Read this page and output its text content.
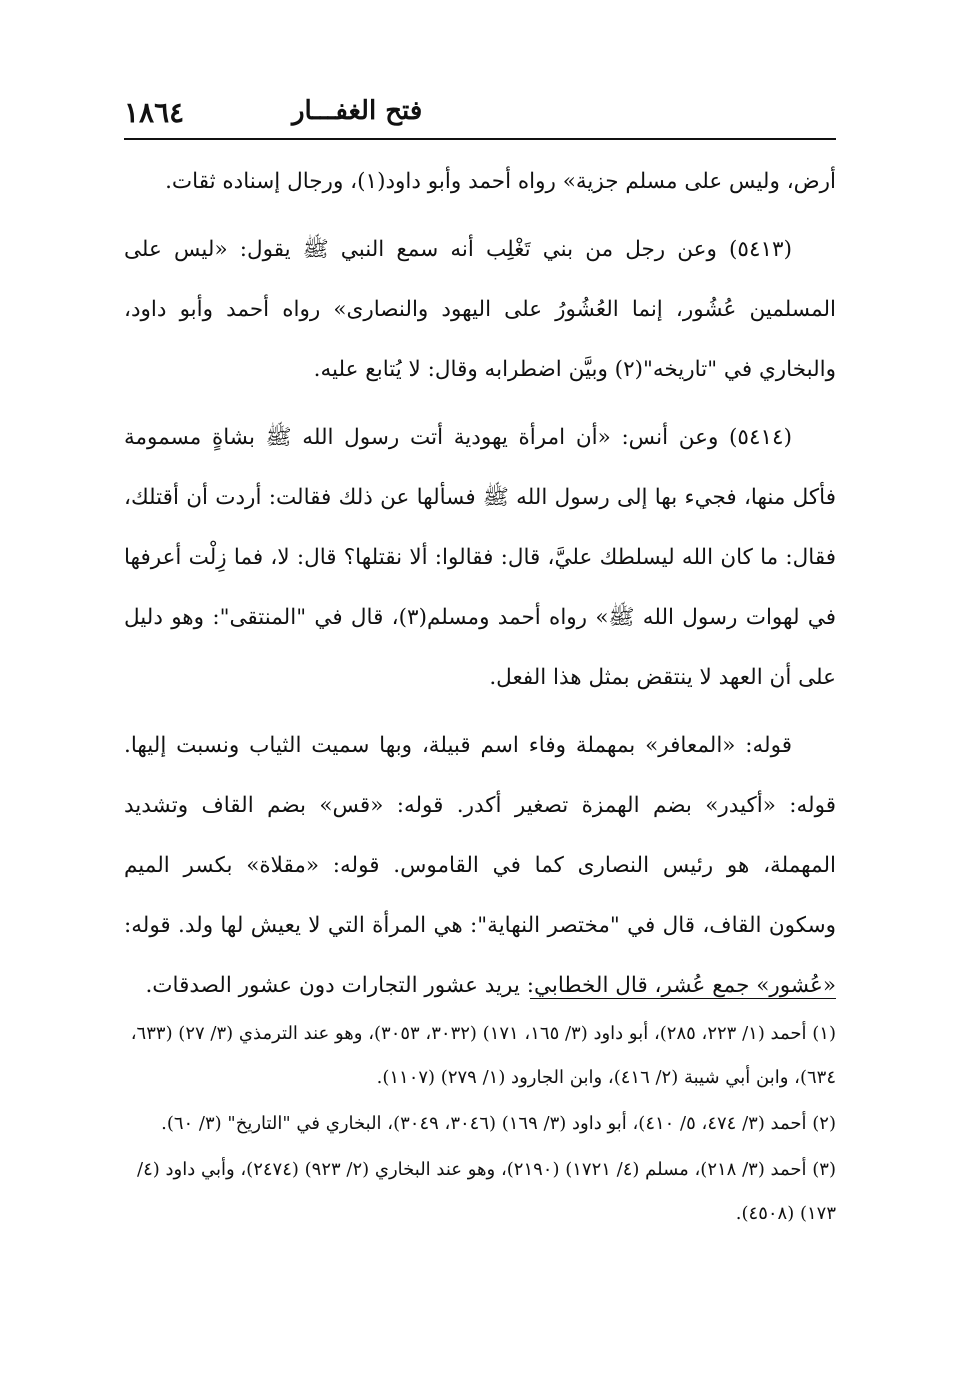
فتح الغفـــار
١٨٦٤

أرض، وليس على مسلم جزية» رواه أحمد وأبو داود(١)، ورجال إسناده ثقات.

(٥٤١٣) وعن رجل من بني تَغْلِب أنه سمع النبي ﷺ يقول: «ليس على المسلمين عُشُور، إنما العُشُورُ على اليهود والنصارى» رواه أحمد وأبو داود، والبخاري في "تاريخه"(٢) وبيَّن اضطرابه وقال: لا يُتابع عليه.

(٥٤١٤) وعن أنس: «أن امرأة يهودية أتت رسول الله ﷺ بشاةٍ مسمومة فأكل منها، فجيء بها إلى رسول الله ﷺ فسألها عن ذلك فقالت: أردت أن أقتلك، فقال: ما كان الله ليسلطك عليَّ، قال: فقالوا: ألا نقتلها؟ قال: لا، فما زِلْت أعرفها في لهوات رسول الله ﷺ» رواه أحمد ومسلم(٣)، قال في "المنتقى": وهو دليل على أن العهد لا ينتقض بمثل هذا الفعل.

قوله: «المعافر» بمهملة وفاء اسم قبيلة، وبها سميت الثياب ونسبت إليها. قوله: «أكيدر» بضم الهمزة تصغير أكدر. قوله: «قس» بضم القاف وتشديد المهملة، هو رئيس النصارى كما في القاموس. قوله: «مقلاة» بكسر الميم وسكون القاف، قال في "مختصر النهاية": هي المرأة التي لا يعيش لها ولد. قوله: «عُشور» جمع عُشر، قال الخطابي: يريد عشور التجارات دون عشور الصدقات.

(١) أحمد (١/ ٢٢٣، ٢٨٥)، أبو داود (٣/ ١٦٥، ١٧١) (٣٠٣٢، ٣٠٥٣)، وهو عند الترمذي (٣/ ٢٧) (٦٣٣، ٦٣٤)، وابن أبي شيبة (٢/ ٤١٦)، وابن الجارود (١/ ٢٧٩) (١١٠٧).

(٢) أحمد (٣/ ٤٧٤، ٥/ ٤١٠)، أبو داود (٣/ ١٦٩) (٣٠٤٦، ٣٠٤٩)، البخاري في "التاريخ" (٣/ ٦٠).

(٣) أحمد (٣/ ٢١٨)، مسلم (٤/ ١٧٢١) (٢١٩٠)، وهو عند البخاري (٢/ ٩٢٣) (٢٤٧٤)، وأبي داود (٤/ ١٧٣) (٤٥٠٨).
